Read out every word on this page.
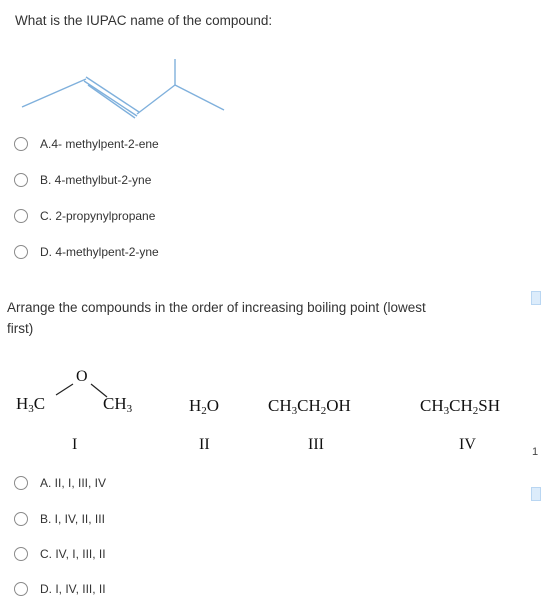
What is the IUPAC name of the compound:
A.4- methylpent-2-ene
B. 4-methylbut-2-yne
C. 2-propynylpropane
D. 4-methylpent-2-yne
Arrange the compounds in the order of increasing boiling point (lowest
first)
$H_3C$
O
$CH_3$	$H_2O$	$CH_3CH_2OH$	$CH_3CH_2SH$
I	II	III	IV	1
A. II, I, III, IV
B. I, IV, II, III
C. IV, I, III, II
D. I, IV, III, II
